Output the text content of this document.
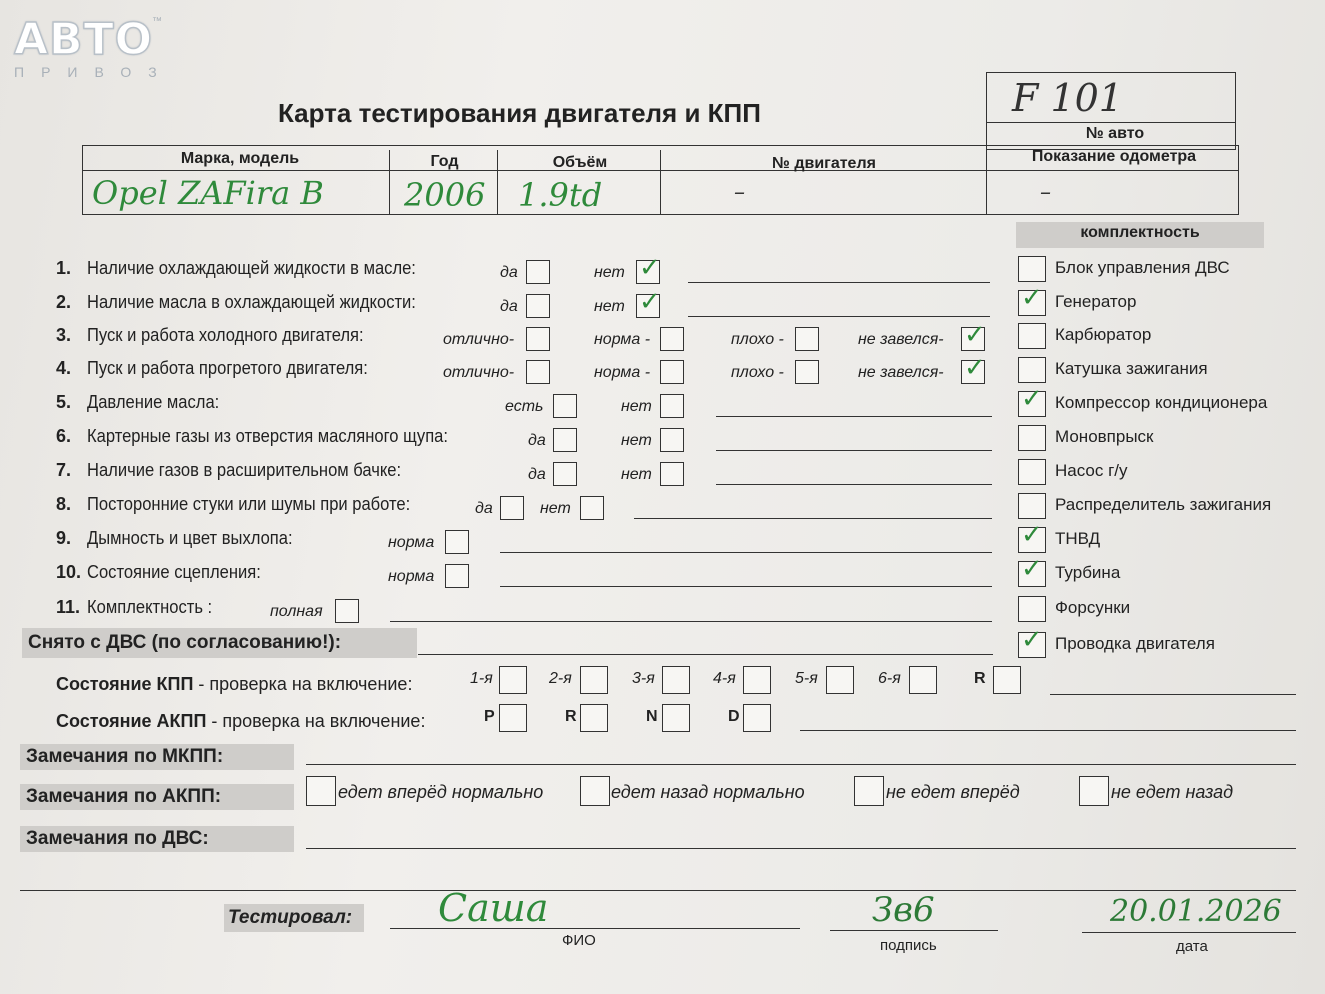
АВТО
ПРИВОЗ
™
Карта тестирования двигателя и КПП	F 101
№ авто
Марка, модель	Год	Объём	№ двигателя	Показание одометра
Opel ZAFira B	2006 1.9td	–	–
комплектность
1. Наличие охлаждающей жидкости в масле:	да	нет ✓
2. Наличие масла в охлаждающей жидкости:	да	нет ✓
3. Пуск и работа холодного двигателя:	отлично-	норма -	плохо -	не завелся- ✓
4. Пуск и работа прогретого двигателя:	отлично-	норма -	плохо -	не завелся- ✓
5. Давление масла:	есть	нет
6. Картерные газы из отверстия масляного щупа:	да	нет
7. Наличие газов в расширительном бачке:	да	нет
8. Посторонние стуки или шумы при работе:	да	нет
9. Дымность и цвет выхлопа:	норма
10. Состояние сцепления:	норма
11. Комплектность :	полная
Блок управления ДВС
✓ Генератор
Карбюратор
Катушка зажигания
✓ Компрессор кондиционера
Моновпрыск
Насос г/у
Распределитель зажигания
✓ ТНВД
✓ Турбина
Форсунки
✓ Проводка двигателя
Снято с ДВС (по согласованию!):
Состояние КПП - проверка на включение:	1-я	2-я	3-я	4-я	5-я	6-я	R
Состояние АКПП - проверка на включение:	P	R	N	D
Замечания по МКПП:
Замечания по АКПП:	едет вперёд нормально	едет назад нормально	не едет вперёд	не едет назад
Замечания по ДВС:
Тестировал: Саша
ФИО
Зв6
подпись
20.01.2026
дата
